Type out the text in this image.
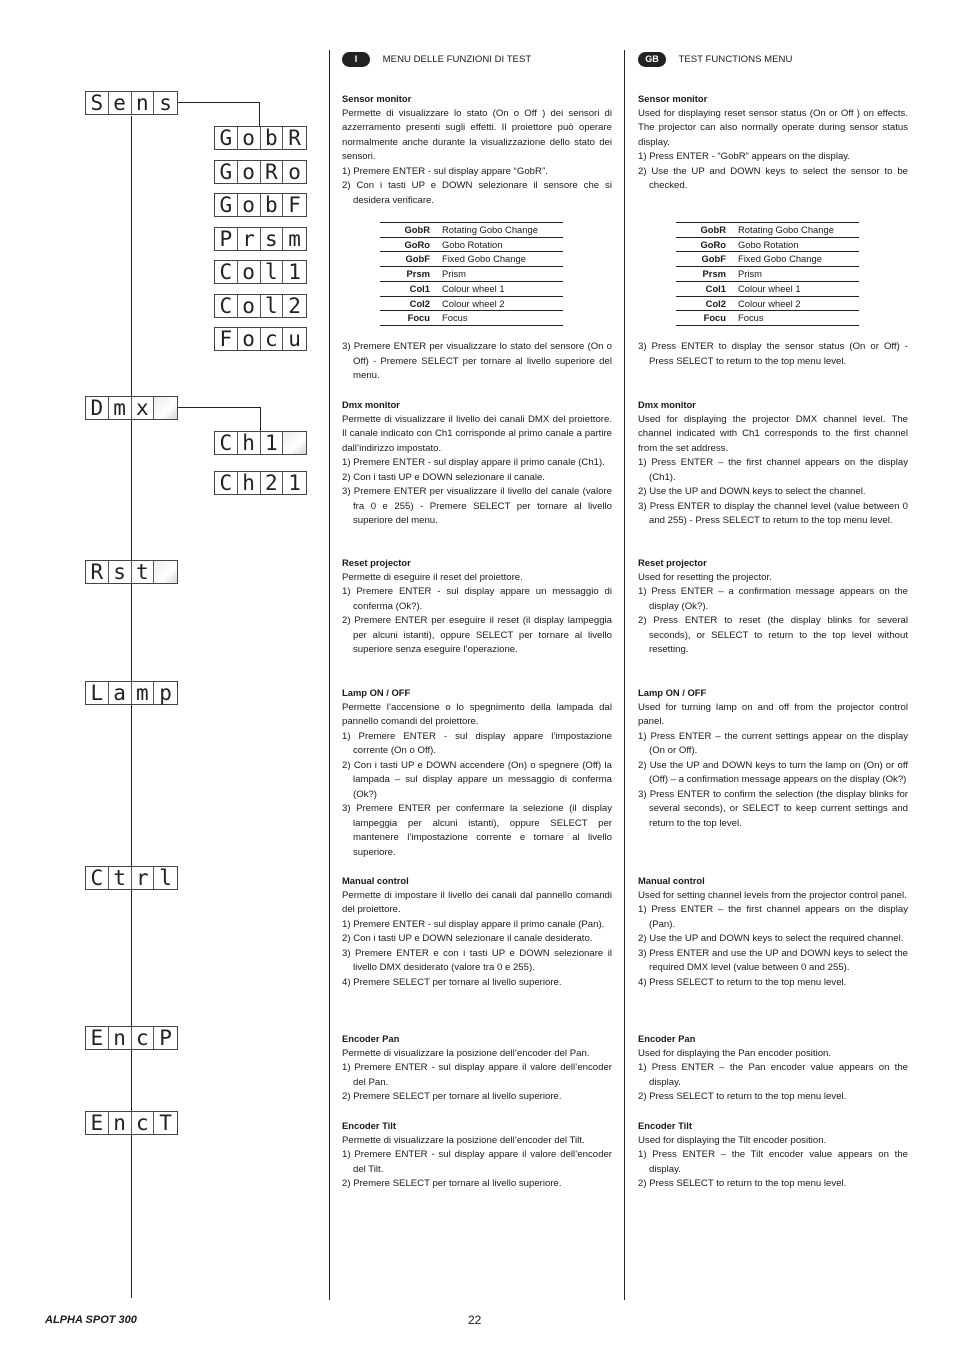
S e n s
D m x
R s t
L a m p
C t r l
E n c P
E n c T
G o b R
G o R o
G o b F
P r s m
C o l 1
C o l 2
F o c u
C h 1
C h 2 1
I	MENU DELLE FUNZIONI DI TEST	GB TEST FUNCTIONS MENU
Sensor monitor
Permette di visualizzare lo stato (On o Off ) dei sensori di azzerramento presenti sugli effetti. Il proiettore può operare normalmente anche durante la visualizzazione dello stato dei sensori.
1) Premere ENTER - sul display appare “GobR”.
2) Con i tasti UP e DOWN selezionare il sensore che si desidera verificare.
Dmx monitor
Permette di visualizzare il livello dei canali DMX del proiettore. Il canale indicato con Ch1 corrisponde al primo canale a partire dall’indirizzo impostato.
1) Premere ENTER - sul display appare il primo canale (Ch1).
2) Con i tasti UP e DOWN selezionare il canale.
3) Premere ENTER per visualizzare il livello del canale (valore fra 0 e 255) - Premere SELECT per tornare al livello superiore del menu.
Reset projector
Permette di eseguire il reset del proiettore.
1) Premere ENTER - sul display appare un messaggio di conferma (Ok?).
2) Premere ENTER per eseguire il reset (il display lampeggia per alcuni istanti), oppure SELECT per tornare al livello superiore senza eseguire l’operazione.
Lamp ON / OFF
Permette l’accensione o lo spegnimento della lampada dal pannello comandi del proiettore.
1) Premere ENTER - sul display appare l’impostazione corrente (On o Off).
2) Con i tasti UP e DOWN accendere (On) o spegnere (Off) la lampada – sul display appare un messaggio di conferma (Ok?)
3) Premere ENTER per confermare la selezione (il display lampeggia per alcuni istanti), oppure SELECT per mantenere l’impostazione corrente e tornare al livello superiore.
Manual control
Permette di impostare il livello dei canali dal pannello comandi del proiettore.
1) Premere ENTER - sul display appare il primo canale (Pan).
2) Con i tasti UP e DOWN selezionare il canale desiderato.
3) Premere ENTER e con i tasti UP e DOWN selezionare il livello DMX desiderato (valore tra 0 e 255).
4) Premere SELECT per tornare al livello superiore.
Encoder Pan
Permette di visualizzare la posizione dell’encoder del Pan.
1) Premere ENTER - sul display appare il valore dell’encoder del Pan.
2) Premere SELECT per tornare al livello superiore.
Encoder Tilt
Permette di visualizzare la posizione dell’encoder del Tilt.
1) Premere ENTER - sul display appare il valore dell’encoder del Tilt.
2) Premere SELECT per tornare al livello superiore.
3) Premere ENTER per visualizzare lo stato del sensore (On o Off) - Premere SELECT per tornare al livello superiore del menu.
GobR	Rotating Gobo Change
GoRo	Gobo Rotation
GobF	Fixed Gobo Change
Prsm	Prism
Col1	Colour wheel 1
Col2	Colour wheel 2
Focu	Focus
Sensor monitor
Used for displaying reset sensor status (On or Off ) on effects. The projector can also normally operate during sensor status display.
1) Press ENTER - “GobR” appears on the display.
2) Use the UP and DOWN keys to select the sensor to be checked.
Dmx monitor
Used for displaying the projector DMX channel level. The channel indicated with Ch1 corresponds to the first channel from the set address.
1) Press ENTER – the first channel appears on the display (Ch1).
2) Use the UP and DOWN keys to select the channel.
3) Press ENTER to display the channel level (value between 0 and 255) - Press SELECT to return to the top menu level.
Reset projector
Used for resetting the projector.
1) Press ENTER – a confirmation message appears on the display (Ok?).
2) Press ENTER to reset (the display blinks for several seconds), or SELECT to return to the top level without resetting.
Lamp ON / OFF
Used for turning lamp on and off from the projector control panel.
1) Press ENTER – the current settings appear on the display (On or Off).
2) Use the UP and DOWN keys to turn the lamp on (On) or off (Off) – a confirmation message appears on the display (Ok?)
3) Press ENTER to confirm the selection (the display blinks for several seconds), or SELECT to keep current settings and return to the top level.
Manual control
Used for setting channel levels from the projector control panel.
1) Press ENTER – the first channel appears on the display (Pan).
2) Use the UP and DOWN keys to select the required channel.
3) Press ENTER and use the UP and DOWN keys to select the required DMX level (value between 0 and 255).
4) Press SELECT to return to the top menu level.
Encoder Pan
Used for displaying the Pan encoder position.
1) Press ENTER – the Pan encoder value appears on the display.
2) Press SELECT to return to the top menu level.
Encoder Tilt
Used for displaying the Tilt encoder position.
1) Press ENTER – the Tilt encoder value appears on the display.
2) Press SELECT to return to the top menu level.
3) Press ENTER to display the sensor status (On or Off) - Press SELECT to return to the top menu level.
GobR	Rotating Gobo Change
GoRo	Gobo Rotation
GobF	Fixed Gobo Change
Prsm	Prism
Col1	Colour wheel 1
Col2	Colour wheel 2
Focu	Focus
ALPHA SPOT 300	22
